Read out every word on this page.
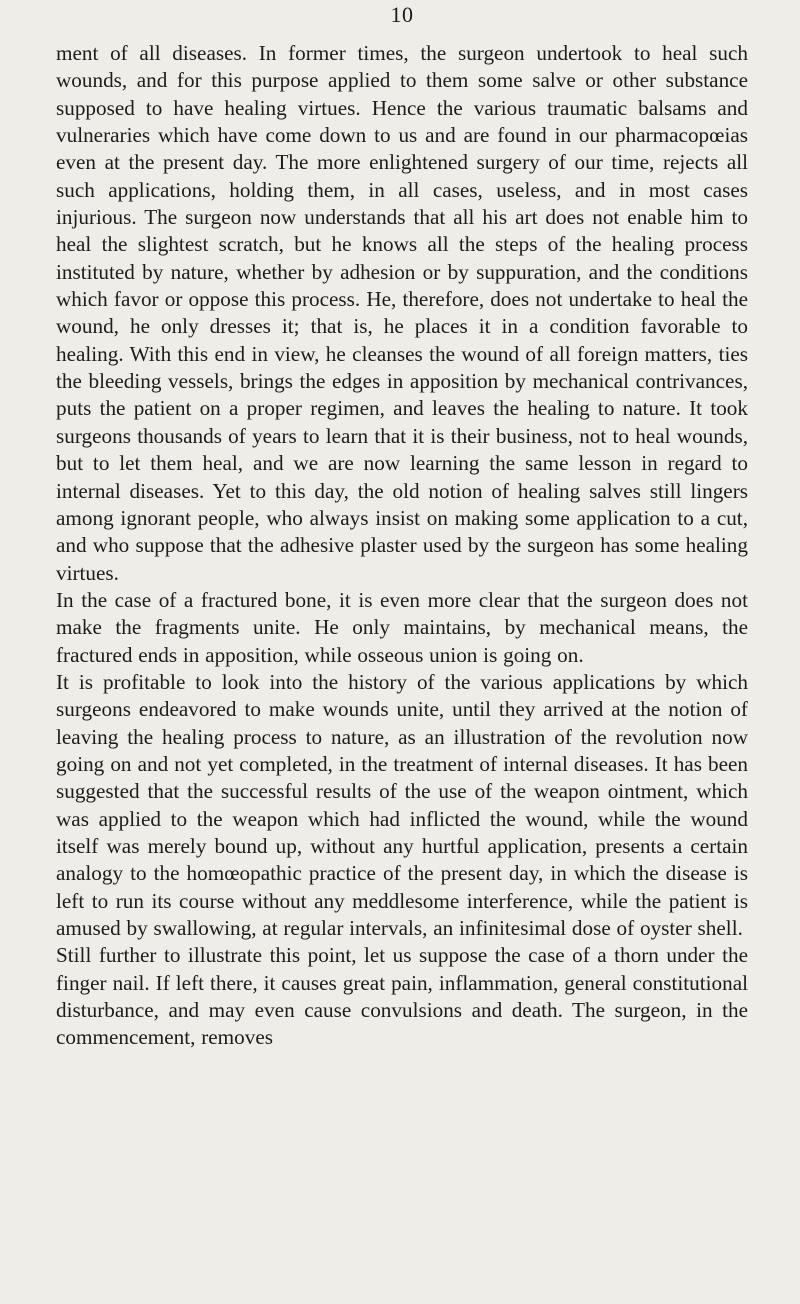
10

ment of all diseases. In former times, the surgeon undertook to heal such wounds, and for this purpose applied to them some salve or other substance supposed to have healing virtues. Hence the various traumatic balsams and vulneraries which have come down to us and are found in our pharmacopœias even at the present day. The more enlightened surgery of our time, rejects all such applications, holding them, in all cases, useless, and in most cases injurious. The surgeon now understands that all his art does not enable him to heal the slightest scratch, but he knows all the steps of the healing process instituted by nature, whether by adhesion or by suppuration, and the conditions which favor or oppose this process. He, therefore, does not undertake to heal the wound, he only dresses it; that is, he places it in a condition favorable to healing. With this end in view, he cleanses the wound of all foreign matters, ties the bleeding vessels, brings the edges in apposition by mechanical contrivances, puts the patient on a proper regimen, and leaves the healing to nature. It took surgeons thousands of years to learn that it is their business, not to heal wounds, but to let them heal, and we are now learning the same lesson in regard to internal diseases. Yet to this day, the old notion of healing salves still lingers among ignorant people, who always insist on making some application to a cut, and who suppose that the adhesive plaster used by the surgeon has some healing virtues.

In the case of a fractured bone, it is even more clear that the surgeon does not make the fragments unite. He only maintains, by mechanical means, the fractured ends in apposition, while osseous union is going on.

It is profitable to look into the history of the various applications by which surgeons endeavored to make wounds unite, until they arrived at the notion of leaving the healing process to nature, as an illustration of the revolution now going on and not yet completed, in the treatment of internal diseases. It has been suggested that the successful results of the use of the weapon ointment, which was applied to the weapon which had inflicted the wound, while the wound itself was merely bound up, without any hurtful application, presents a certain analogy to the homœopathic practice of the present day, in which the disease is left to run its course without any meddlesome interference, while the patient is amused by swallowing, at regular intervals, an infinitesimal dose of oyster shell.

Still further to illustrate this point, let us suppose the case of a thorn under the finger nail. If left there, it causes great pain, inflammation, general constitutional disturbance, and may even cause convulsions and death. The surgeon, in the commencement, removes
